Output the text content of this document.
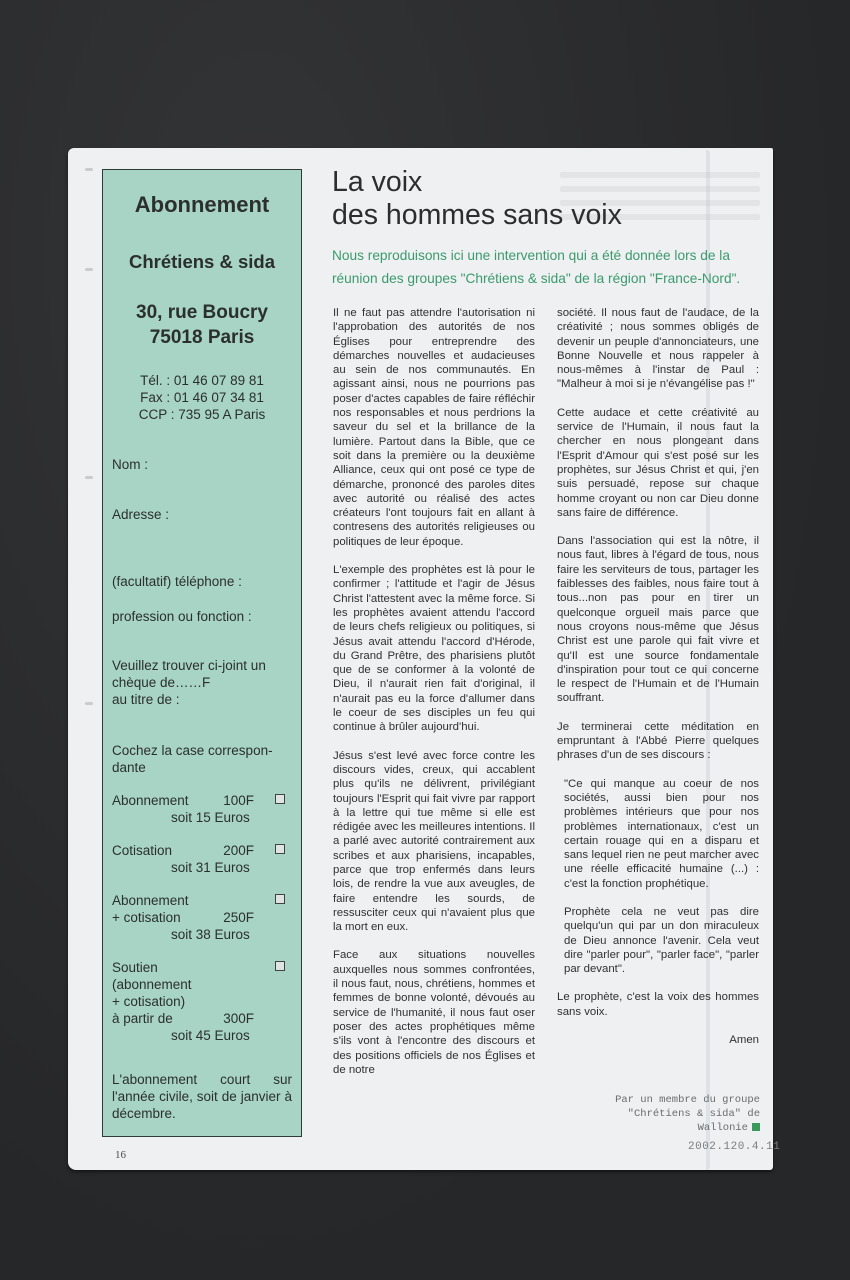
Abonnement
Chrétiens & sida
30, rue Boucry
75018 Paris
Tél. : 01 46 07 89 81
Fax : 01 46 07 34 81
CCP : 735 95 A Paris
Nom :
Adresse :
(facultatif) téléphone :
profession ou fonction :
Veuillez trouver ci-joint un
chèque de……F
au titre de :
Cochez la case correspon-dante
Abonnement	100F
soit 15 Euros
Cotisation	200F
soit 31 Euros
Abonnement
+ cotisation	250F
soit 38 Euros
Soutien
(abonnement
+ cotisation)
à partir de	300F
soit 45 Euros
L'abonnement court sur l'année civile, soit de janvier à décembre.
La voix
des hommes sans voix
Nous reproduisons ici une intervention qui a été donnée lors de la réunion des groupes "Chrétiens & sida" de la région "France-Nord".

Il ne faut pas attendre l'autorisation ni l'approbation des autorités de nos Églises pour entreprendre des démarches nouvelles et audacieuses au sein de nos communautés. En agissant ainsi, nous ne pourrions pas poser d'actes capables de faire réfléchir nos responsables et nous perdrions la saveur du sel et la brillance de la lumière. Partout dans la Bible, que ce soit dans la première ou la deuxième Alliance, ceux qui ont posé ce type de démarche, prononcé des paroles dites avec autorité ou réalisé des actes créateurs l'ont toujours fait en allant à contresens des autorités religieuses ou politiques de leur époque.

L'exemple des prophètes est là pour le confirmer ; l'attitude et l'agir de Jésus Christ l'attestent avec la même force. Si les prophètes avaient attendu l'accord de leurs chefs religieux ou politiques, si Jésus avait attendu l'accord d'Hérode, du Grand Prêtre, des pharisiens plutôt que de se conformer à la volonté de Dieu, il n'aurait rien fait d'original, il n'aurait pas eu la force d'allumer dans le coeur de ses disciples un feu qui continue à brûler aujourd'hui.

Jésus s'est levé avec force contre les discours vides, creux, qui accablent plus qu'ils ne délivrent, privilégiant toujours l'Esprit qui fait vivre par rapport à la lettre qui tue même si elle est rédigée avec les meilleures intentions. Il a parlé avec autorité contrairement aux scribes et aux pharisiens, incapables, parce que trop enfermés dans leurs lois, de rendre la vue aux aveugles, de faire entendre les sourds, de ressusciter ceux qui n'avaient plus que la mort en eux.

Face aux situations nouvelles auxquelles nous sommes confrontées, il nous faut, nous, chrétiens, hommes et femmes de bonne volonté, dévoués au service de l'humanité, il nous faut oser poser des actes prophétiques même s'ils vont à l'encontre des discours et des positions officiels de nos Églises et de notre

société. Il nous faut de l'audace, de la créativité ; nous sommes obligés de devenir un peuple d'annonciateurs, une Bonne Nouvelle et nous rappeler à nous-mêmes à l'instar de Paul : "Malheur à moi si je n'évangélise pas !"

Cette audace et cette créativité au service de l'Humain, il nous faut la chercher en nous plongeant dans l'Esprit d'Amour qui s'est posé sur les prophètes, sur Jésus Christ et qui, j'en suis persuadé, repose sur chaque homme croyant ou non car Dieu donne sans faire de différence.

Dans l'association qui est la nôtre, il nous faut, libres à l'égard de tous, nous faire les serviteurs de tous, partager les faiblesses des faibles, nous faire tout à tous...non pas pour en tirer un quelconque orgueil mais parce que nous croyons nous-même que Jésus Christ est une parole qui fait vivre et qu'Il est une source fondamentale d'inspiration pour tout ce qui concerne le respect de l'Humain et de l'Humain souffrant.

Je terminerai cette méditation en empruntant à l'Abbé Pierre quelques phrases d'un de ses discours :

"Ce qui manque au coeur de nos sociétés, aussi bien pour nos problèmes intérieurs que pour nos problèmes internationaux, c'est un certain rouage qui en a disparu et sans lequel rien ne peut marcher avec une réelle efficacité humaine (...) : c'est la fonction prophétique.

Prophète cela ne veut pas dire quelqu'un qui par un don miraculeux de Dieu annonce l'avenir. Cela veut dire "parler pour", "parler face", "parler par devant".

Le prophète, c'est la voix des hommes sans voix.

Amen

Par un membre du groupe
"Chrétiens & sida" de
Wallonie
16
2002.120.4.11
